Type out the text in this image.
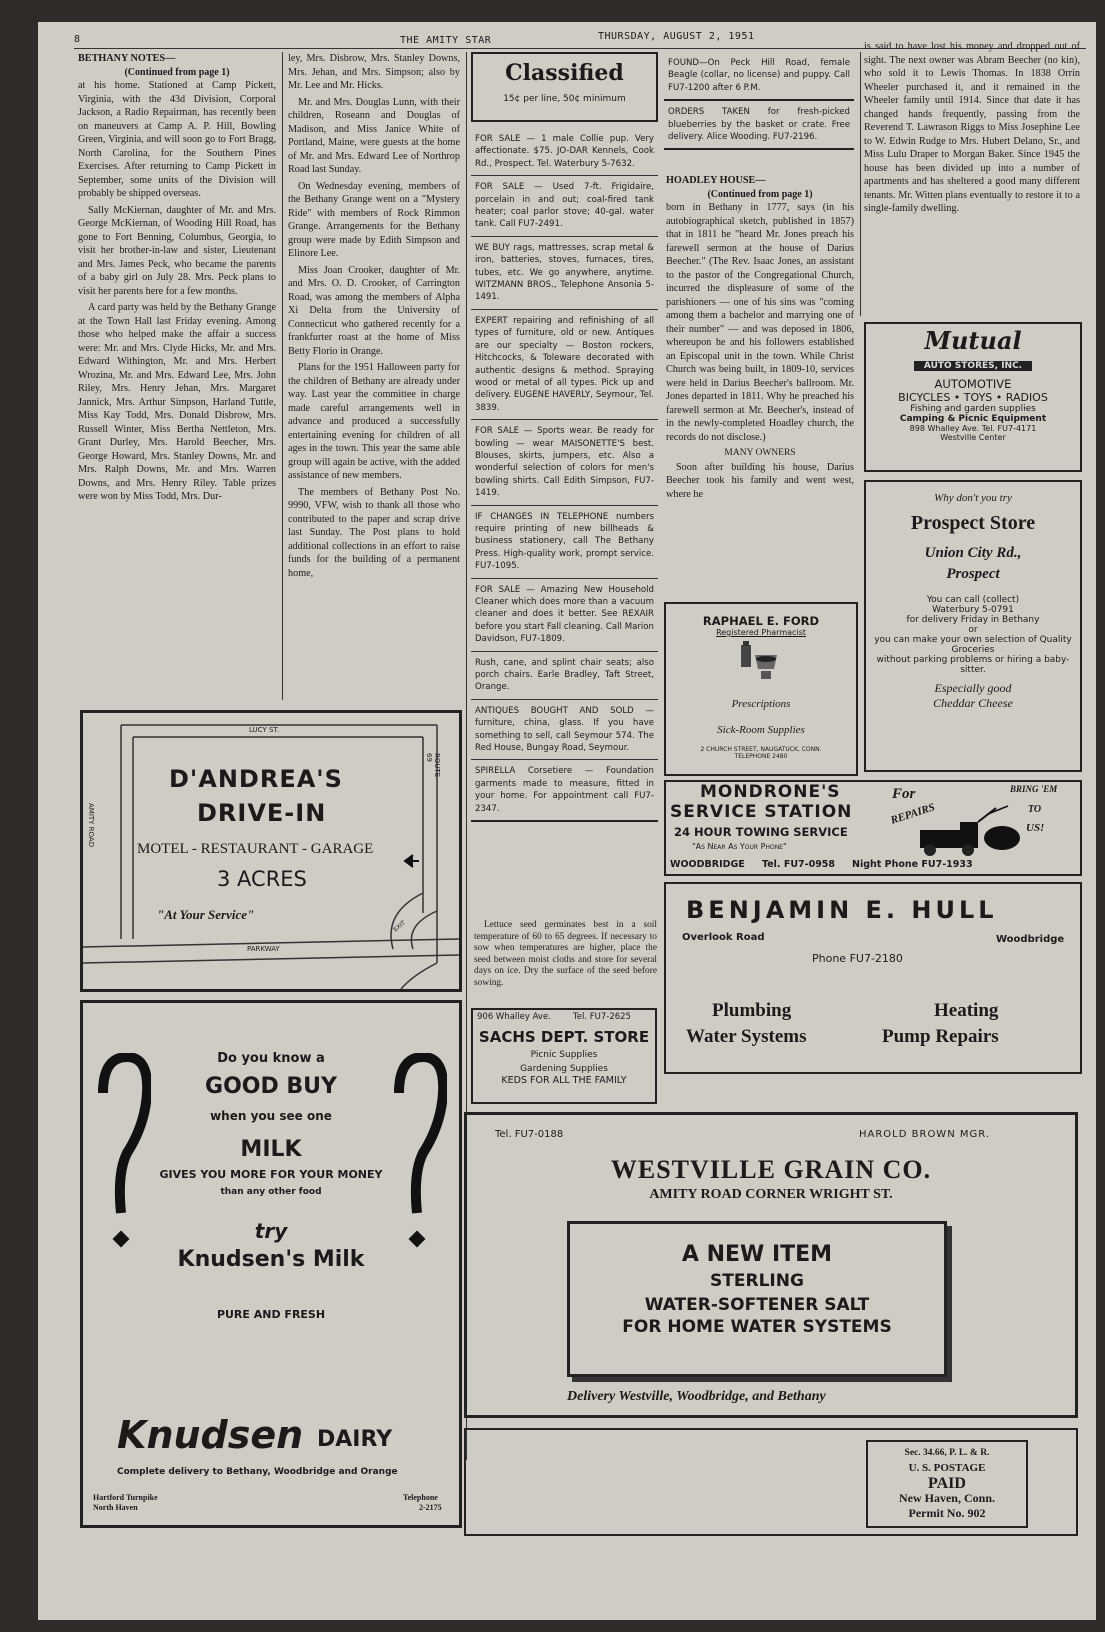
8	THE AMITY STAR	THURSDAY, AUGUST 2, 1951
BETHANY NOTES—
(Continued from page 1)

at his home. Stationed at Camp Pickett, Virginia, with the 43d Division, Corporal Jackson, a Radio Repairman, has recently been on maneuvers at Camp A. P. Hill, Bowling Green, Virginia, and will soon go to Fort Bragg, North Carolina, for the Southern Pines Exercises. After returning to Camp Pickett in September, some units of the Division will probably be shipped overseas.

Sally McKiernan, daughter of Mr. and Mrs. George McKiernan, of Wooding Hill Road, has gone to Fort Benning, Columbus, Georgia, to visit her brother-in-law and sister, Lieutenant and Mrs. James Peck, who became the parents of a baby girl on July 28. Mrs. Peck plans to visit her parents here for a few months.

A card party was held by the Bethany Grange at the Town Hall last Friday evening. Among those who helped make the affair a success were: Mr. and Mrs. Clyde Hicks, Mr. and Mrs. Edward Withington, Mr. and Mrs. Herbert Wrozina, Mr. and Mrs. Edward Lee, Mrs. John Riley, Mrs. Henry Jehan, Mrs. Margaret Jannick, Mrs. Arthur Simpson, Harland Tuttle, Miss Kay Todd, Mrs. Donald Disbrow, Mrs. Russell Winter, Miss Bertha Nettleton, Mrs. Grant Durley, Mrs. Harold Beecher, Mrs. George Howard, Mrs. Stanley Downs, Mr. and Mrs. Ralph Downs, Mr. and Mrs. Warren Downs, and Mrs. Henry Riley. Table prizes were won by Miss Todd, Mrs. Dur-

ley, Mrs. Disbrow, Mrs. Stanley Downs, Mrs. Jehan, and Mrs. Simpson; also by Mr. Lee and Mr. Hicks.

Mr. and Mrs. Douglas Lunn, with their children, Roseann and Douglas of Madison, and Miss Janice White of Portland, Maine, were guests at the home of Mr. and Mrs. Edward Lee of Northrop Road last Sunday.

On Wednesday evening, members of the Bethany Grange went on a "Mystery Ride" with members of Rock Rimmon Grange. Arrangements for the Bethany group were made by Edith Simpson and Elinore Lee.

Miss Joan Crooker, daughter of Mr. and Mrs. O. D. Crooker, of Carrington Road, was among the members of Alpha Xi Delta from the University of Connecticut who gathered recently for a frankfurter roast at the home of Miss Betty Florio in Orange.

Plans for the 1951 Halloween party for the children of Bethany are already under way. Last year the committee in charge made careful arrangements well in advance and produced a successfully entertaining evening for children of all ages in the town. This year the same able group will again be active, with the added assistance of new members.

The members of Bethany Post No. 9990, VFW, wish to thank all those who contributed to the paper and scrap drive last Sunday. The Post plans to hold additional collections in an effort to raise funds for the building of a permanent home,

Classified
15¢ per line, 50¢ minimum

FOR SALE — 1 male Collie pup. Very affectionate. $75. JO-DAR Kennels, Cook Rd., Prospect. Tel. Waterbury 5-7632.

FOR SALE — Used 7-ft. Frigidaire, porcelain in and out; coal-fired tank heater; coal parlor stove; 40-gal. water tank. Call FU7-2491.

WE BUY rags, mattresses, scrap metal & iron, batteries, stoves, furnaces, tires, tubes, etc. We go anywhere, anytime. WITZMANN BROS., Telephone Ansonia 5-1491.

EXPERT repairing and refinishing of all types of furniture, old or new. Antiques are our specialty — Boston rockers, Hitchcocks, & Toleware decorated with authentic designs & method. Spraying wood or metal of all types. Pick up and delivery. EUGENE HAVERLY, Seymour, Tel. 3839.

FOR SALE — Sports wear. Be ready for bowling — wear MAISONETTE'S best. Blouses, skirts, jumpers, etc. Also a wonderful selection of colors for men's bowling shirts. Call Edith Simpson, FU7-1419.

IF CHANGES IN TELEPHONE numbers require printing of new billheads & business stationery, call The Bethany Press. High-quality work, prompt service. FU7-1095.

FOR SALE — Amazing New Household Cleaner which does more than a vacuum cleaner and does it better. See REXAIR before you start Fall cleaning. Call Marion Davidson, FU7-1809.

Rush, cane, and splint chair seats; also porch chairs. Earle Bradley, Taft Street, Orange.

ANTIQUES BOUGHT AND SOLD — furniture, china, glass. If you have something to sell, call Seymour 574. The Red House, Bungay Road, Seymour.

SPIRELLA Corsetiere — Foundation garments made to measure, fitted in your home. For appointment call FU7-2347.

Lettuce seed germinates best in a soil temperature of 60 to 65 degrees. If necessary to sow when temperatures are higher, place the seed between moist cloths and store for several days on ice. Dry the surface of the seed before sowing.

FOUND—On Peck Hill Road, female Beagle (collar, no license) and puppy. Call FU7-1200 after 6 P.M.

ORDERS TAKEN for fresh-picked blueberries by the basket or crate. Free delivery. Alice Wooding. FU7-2196.

HOADLEY HOUSE—
(Continued from page 1)

born in Bethany in 1777, says (in his autobiographical sketch, published in 1857) that in 1811 he "heard Mr. Jones preach his farewell sermon at the house of Darius Beecher." (The Rev. Isaac Jones, an assistant to the pastor of the Congregational Church, incurred the displeasure of some of the parishioners — one of his sins was "coming among them a bachelor and marrying one of their number" — and was deposed in 1806, whereupon he and his followers established an Episcopal unit in the town. While Christ Church was being built, in 1809-10, services were held in Darius Beecher's ballroom. Mr. Jones departed in 1811. Why he preached his farewell sermon at Mr. Beecher's, instead of in the newly-completed Hoadley church, the records do not disclose.)

MANY OWNERS

Soon after building his house, Darius Beecher took his family and went west, where he

is said to have lost his money and dropped out of sight. The next owner was Abram Beecher (no kin), who sold it to Lewis Thomas. In 1838 Orrin Wheeler purchased it, and it remained in the Wheeler family until 1914. Since that date it has changed hands frequently, passing from the Reverend T. Lawrason Riggs to Miss Josephine Lee to W. Edwin Rudge to Mrs. Hubert Delano, Sr., and Miss Lulu Draper to Morgan Baker. Since 1945 the house has been divided up into a number of apartments and has sheltered a good many different tenants. Mr. Witten plans eventually to restore it to a single-family dwelling.

Mutual
AUTO STORES, INC.
AUTOMOTIVE
BICYCLES • TOYS • RADIOS
Fishing and garden supplies
Camping & Picnic Equipment
898 Whalley Ave. Tel. FU7-4171
Westville Center
Why don't you try
Prospect Store
Union City Rd.,
Prospect
You can call (collect)
Waterbury 5-0791
for delivery Friday in Bethany
or
you can make your own selection of Quality Groceries
without parking problems or hiring a baby-sitter.
Especially good
Cheddar Cheese
RAPHAEL E. FORD
Registered Pharmacist
Prescriptions
Sick-Room Supplies
2 CHURCH STREET, NAUGATUCK, CONN.
TELEPHONE 2480
MONDRONE'S
SERVICE STATION
24 HOUR TOWING SERVICE
"As Near As Your Phone"
WOODBRIDGE Tel. FU7-0958 Night Phone FU7-1933
For
REPAIRS
BRING 'EM
TO
US!
LUCY ST.
AMITY ROAD
ROUTE 69
PARKWAY
EXIT
D'ANDREA'S
DRIVE-IN
MOTEL - RESTAURANT - GARAGE
3 ACRES
"At Your Service"
Do you know a
GOOD BUY
when you see one
MILK
GIVES YOU MORE FOR YOUR MONEY
than any other food
try
Knudsen's Milk
PURE AND FRESH
Knudsen DAIRY
Complete delivery to Bethany, Woodbridge and Orange
Hartford Turnpike
North Haven
Telephone
2-2175
906 Whalley Ave.	Tel. FU7-2625
SACHS DEPT. STORE
Picnic Supplies
Gardening Supplies
KEDS FOR ALL THE FAMILY
BENJAMIN E. HULL
Overlook Road	Woodbridge
Phone FU7-2180
Plumbing	Heating
Water Systems	Pump Repairs
Tel. FU7-0188	HAROLD BROWN MGR.
WESTVILLE GRAIN CO.
AMITY ROAD CORNER WRIGHT ST.
A NEW ITEM
STERLING
WATER-SOFTENER SALT
FOR HOME WATER SYSTEMS
Delivery Westville, Woodbridge, and Bethany
Sec. 34.66, P. L. & R.
U. S. POSTAGE
PAID
New Haven, Conn.
Permit No. 902
